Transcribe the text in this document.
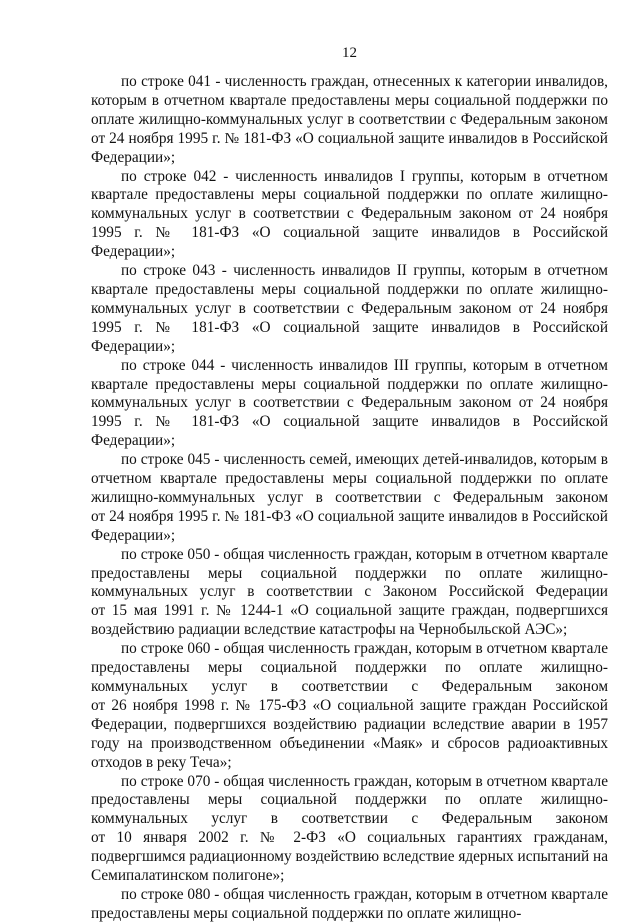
12
по строке 041 - численность граждан, отнесенных к категории инвалидов,
которым в отчетном квартале предоставлены меры социальной поддержки по
оплате жилищно-коммунальных услуг в соответствии с Федеральным законом
от 24 ноября 1995 г. № 181-ФЗ «О социальной защите инвалидов в Российской
Федерации»;
по строке 042 - численность инвалидов I группы, которым в отчетном
квартале предоставлены меры социальной поддержки по оплате жилищно-
коммунальных услуг в соответствии с Федеральным законом от 24 ноября
1995 г. № 181-ФЗ «О социальной защите инвалидов в Российской
Федерации»;
по строке 043 - численность инвалидов II группы, которым в отчетном
квартале предоставлены меры социальной поддержки по оплате жилищно-
коммунальных услуг в соответствии с Федеральным законом от 24 ноября
1995 г. № 181-ФЗ «О социальной защите инвалидов в Российской
Федерации»;
по строке 044 - численность инвалидов III группы, которым в отчетном
квартале предоставлены меры социальной поддержки по оплате жилищно-
коммунальных услуг в соответствии с Федеральным законом от 24 ноября
1995 г. № 181-ФЗ «О социальной защите инвалидов в Российской
Федерации»;
по строке 045 - численность семей, имеющих детей-инвалидов, которым в
отчетном квартале предоставлены меры социальной поддержки по оплате
жилищно-коммунальных услуг в соответствии с Федеральным законом
от 24 ноября 1995 г. № 181-ФЗ «О социальной защите инвалидов в Российской
Федерации»;
по строке 050 - общая численность граждан, которым в отчетном квартале
предоставлены меры социальной поддержки по оплате жилищно-
коммунальных услуг в соответствии с Законом Российской Федерации
от 15 мая 1991 г. № 1244-1 «О социальной защите граждан, подвергшихся
воздействию радиации вследствие катастрофы на Чернобыльской АЭС»;
по строке 060 - общая численность граждан, которым в отчетном квартале
предоставлены меры социальной поддержки по оплате жилищно-
коммунальных услуг в соответствии с Федеральным законом
от 26 ноября 1998 г. № 175-ФЗ «О социальной защите граждан Российской
Федерации, подвергшихся воздействию радиации вследствие аварии в 1957
году на производственном объединении «Маяк» и сбросов радиоактивных
отходов в реку Теча»;
по строке 070 - общая численность граждан, которым в отчетном квартале
предоставлены меры социальной поддержки по оплате жилищно-
коммунальных услуг в соответствии с Федеральным законом
от 10 января 2002 г. № 2-ФЗ «О социальных гарантиях гражданам,
подвергшимся радиационному воздействию вследствие ядерных испытаний на
Семипалатинском полигоне»;
по строке 080 - общая численность граждан, которым в отчетном квартале
предоставлены меры социальной поддержки по оплате жилищно-
